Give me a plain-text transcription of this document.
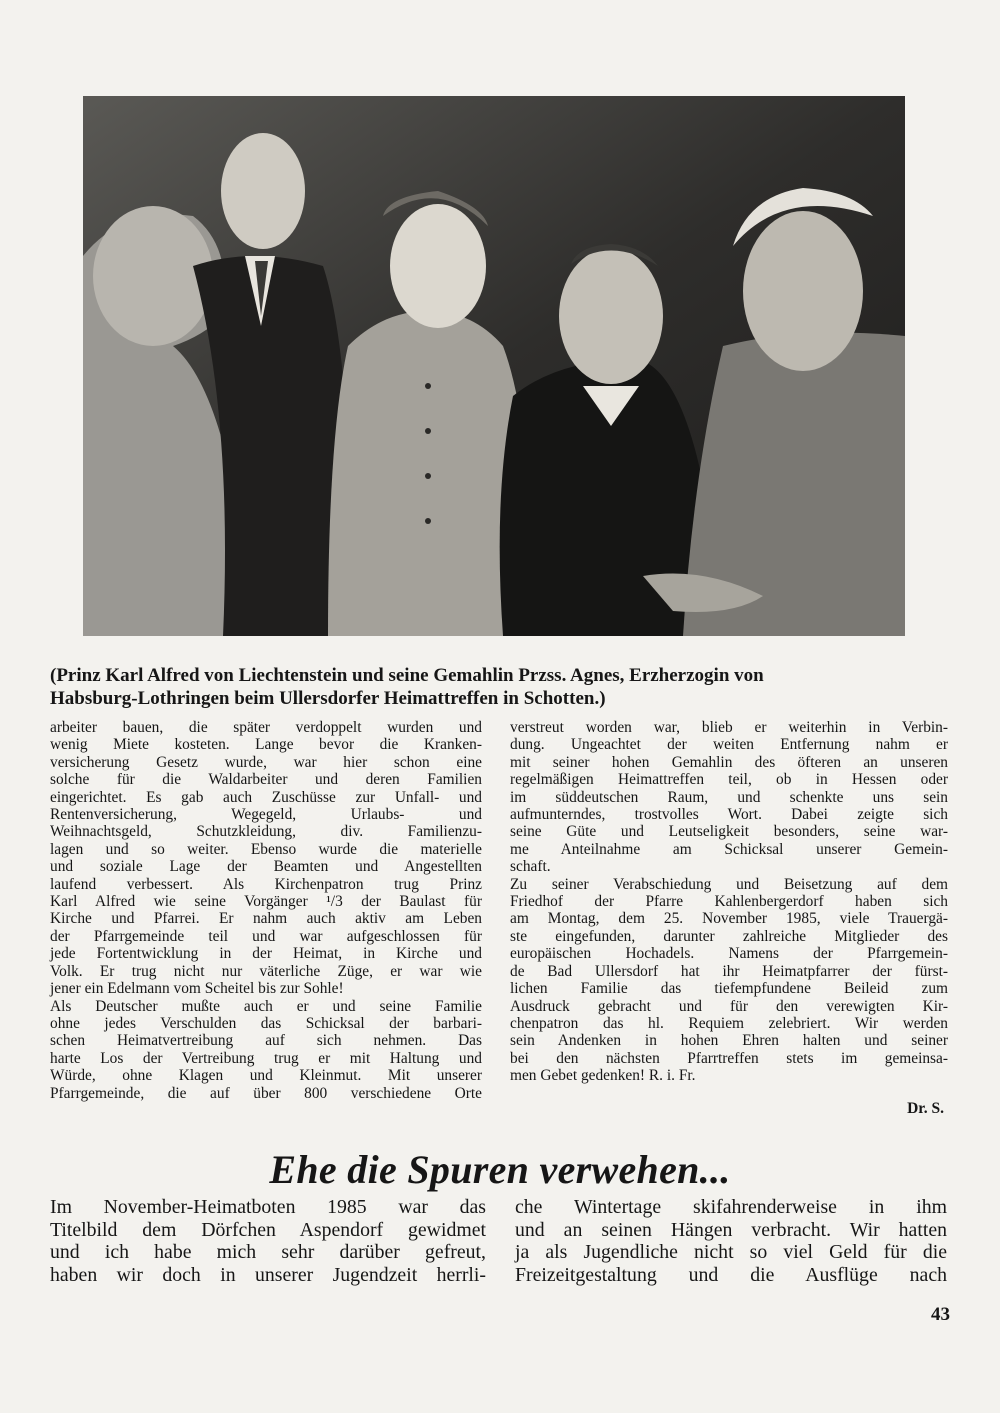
(Prinz Karl Alfred von Liechtenstein und seine Gemahlin Przss. Agnes, Erzherzogin von
Habsburg-Lothringen beim Ullersdorfer Heimattreffen in Schotten.)
arbeiter bauen, die später verdoppelt wurden und
wenig Miete kosteten. Lange bevor die Kranken-
versicherung Gesetz wurde, war hier schon eine
solche für die Waldarbeiter und deren Familien
eingerichtet. Es gab auch Zuschüsse zur Unfall- und
Rentenversicherung, Wegegeld, Urlaubs- und
Weihnachtsgeld, Schutzkleidung, div. Familienzu-
lagen und so weiter. Ebenso wurde die materielle
und soziale Lage der Beamten und Angestellten
laufend verbessert. Als Kirchenpatron trug Prinz
Karl Alfred wie seine Vorgänger ¹/3 der Baulast für
Kirche und Pfarrei. Er nahm auch aktiv am Leben
der Pfarrgemeinde teil und war aufgeschlossen für
jede Fortentwicklung in der Heimat, in Kirche und
Volk. Er trug nicht nur väterliche Züge, er war wie
jener ein Edelmann vom Scheitel bis zur Sohle!
Als Deutscher mußte auch er und seine Familie
ohne jedes Verschulden das Schicksal der barbari-
schen Heimatvertreibung auf sich nehmen. Das
harte Los der Vertreibung trug er mit Haltung und
Würde, ohne Klagen und Kleinmut. Mit unserer
Pfarrgemeinde, die auf über 800 verschiedene Orte
verstreut worden war, blieb er weiterhin in Verbin-
dung. Ungeachtet der weiten Entfernung nahm er
mit seiner hohen Gemahlin des öfteren an unseren
regelmäßigen Heimattreffen teil, ob in Hessen oder
im süddeutschen Raum, und schenkte uns sein
aufmunterndes, trostvolles Wort. Dabei zeigte sich
seine Güte und Leutseligkeit besonders, seine war-
me Anteilnahme am Schicksal unserer Gemein-
schaft.
Zu seiner Verabschiedung und Beisetzung auf dem
Friedhof der Pfarre Kahlenbergerdorf haben sich
am Montag, dem 25. November 1985, viele Trauergä-
ste eingefunden, darunter zahlreiche Mitglieder des
europäischen Hochadels. Namens der Pfarrgemein-
de Bad Ullersdorf hat ihr Heimatpfarrer der fürst-
lichen Familie das tiefempfundene Beileid zum
Ausdruck gebracht und für den verewigten Kir-
chenpatron das hl. Requiem zelebriert. Wir werden
sein Andenken in hohen Ehren halten und seiner
bei den nächsten Pfarrtreffen stets im gemeinsa-
men Gebet gedenken! R. i. Fr.
Dr. S.
Ehe die Spuren verwehen...
Im November-Heimatboten 1985 war das
Titelbild dem Dörfchen Aspendorf gewidmet
und ich habe mich sehr darüber gefreut,
haben wir doch in unserer Jugendzeit herrli-
che Wintertage skifahrenderweise in ihm
und an seinen Hängen verbracht. Wir hatten
ja als Jugendliche nicht so viel Geld für die
Freizeitgestaltung und die Ausflüge nach
43
